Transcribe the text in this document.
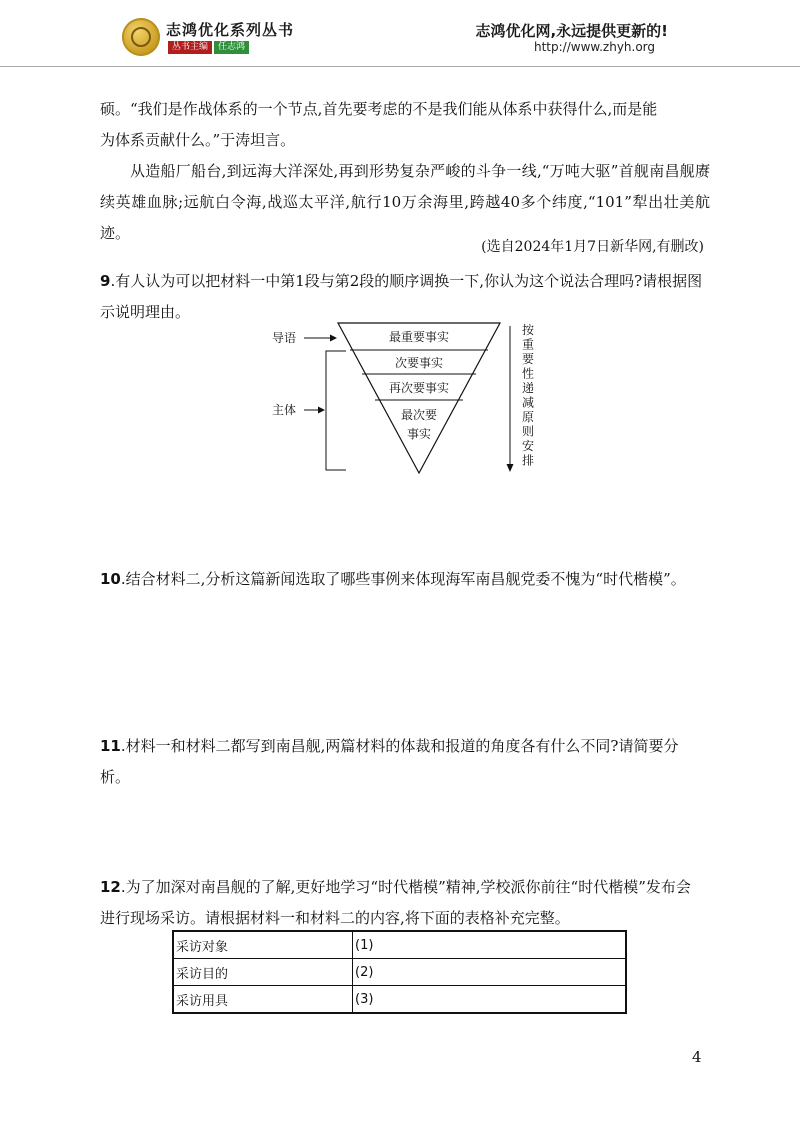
志鸿优化系列丛书
丛书主编	任志鸿
志鸿优化网,永远提供更新的!
http://www.zhyh.org
硕。“我们是作战体系的一个节点,首先要考虑的不是我们能从体系中获得什么,而是能
为体系贡献什么。”于涛坦言。
从造船厂船台,到远海大洋深处,再到形势复杂严峻的斗争一线,“万吨大驱”首舰南昌舰赓续英雄血脉;远航白令海,战巡太平洋,航行10万余海里,跨越40多个纬度,“101”犁出壮美航迹。
(选自2024年1月7日新华网,有删改)
9.有人认为可以把材料一中第1段与第2段的顺序调换一下,你认为这个说法合理吗?请根据图示说明理由。
最重要事实
次要事实
再次要事实
最次要
事实
导语
主体
按重要性递减原则安排
10.结合材料二,分析这篇新闻选取了哪些事例来体现海军南昌舰党委不愧为“时代楷模”。
11.材料一和材料二都写到南昌舰,两篇材料的体裁和报道的角度各有什么不同?请简要分析。
12.为了加深对南昌舰的了解,更好地学习“时代楷模”精神,学校派你前往“时代楷模”发布会进行现场采访。请根据材料一和材料二的内容,将下面的表格补充完整。
采访对象	(1)
采访目的	(2)
采访用具	(3)
4
